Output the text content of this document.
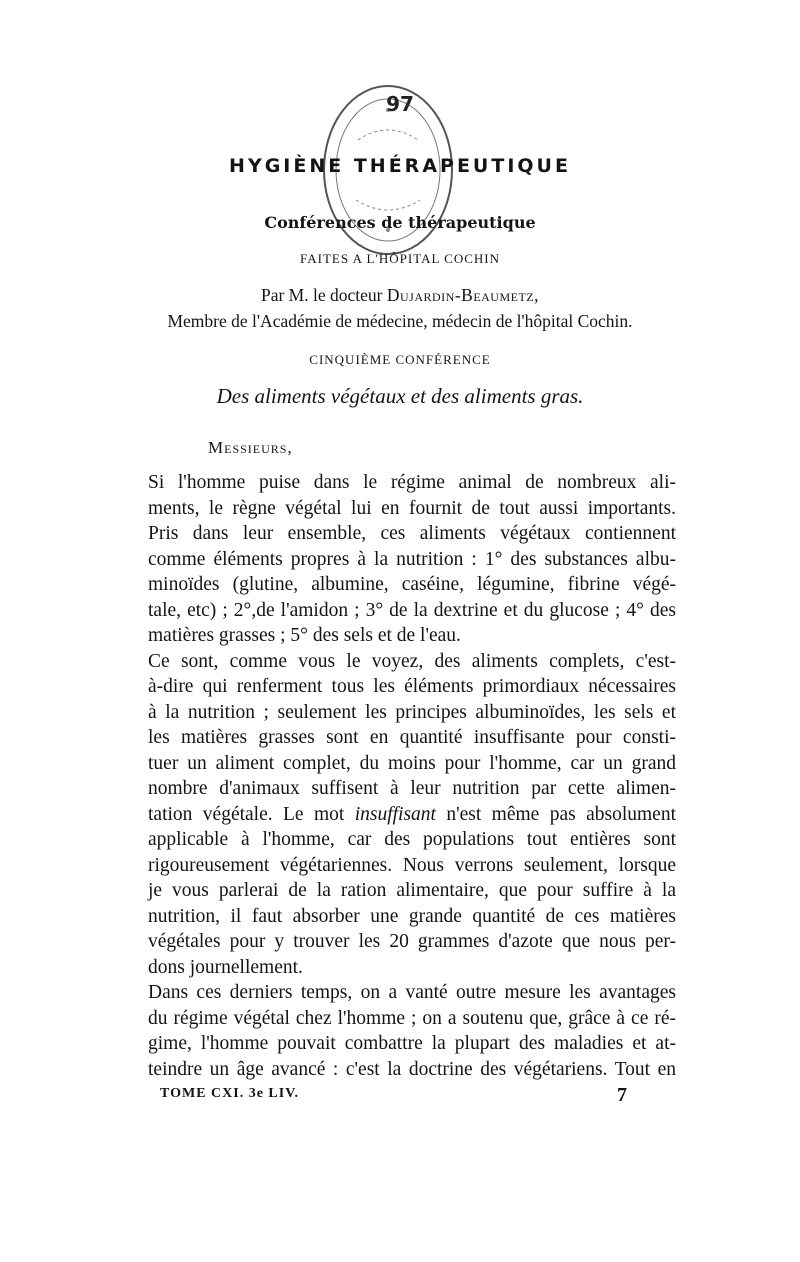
97
HYGIÈNE THÉRAPEUTIQUE
Conférences de thérapeutique
FAITES A L'HÔPITAL COCHIN
Par M. le docteur Dujardin-Beaumetz,
Membre de l'Académie de médecine, médecin de l'hôpital Cochin.
CINQUIÈME CONFÉRENCE
Des aliments végétaux et des aliments gras.
Messieurs,
Si l'homme puise dans le régime animal de nombreux ali-
ments, le règne végétal lui en fournit de tout aussi importants.
Pris dans leur ensemble, ces aliments végétaux contiennent
comme éléments propres à la nutrition : 1° des substances albu-
minoïdes (glutine, albumine, caséine, légumine, fibrine végé-
tale, etc) ; 2°,de l'amidon ; 3° de la dextrine et du glucose ; 4° des
matières grasses ; 5° des sels et de l'eau.
Ce sont, comme vous le voyez, des aliments complets, c'est-
à-dire qui renferment tous les éléments primordiaux nécessaires
à la nutrition ; seulement les principes albuminoïdes, les sels et
les matières grasses sont en quantité insuffisante pour consti-
tuer un aliment complet, du moins pour l'homme, car un grand
nombre d'animaux suffisent à leur nutrition par cette alimen-
tation végétale. Le mot insuffisant n'est même pas absolument
applicable à l'homme, car des populations tout entières sont
rigoureusement végétariennes. Nous verrons seulement, lorsque
je vous parlerai de la ration alimentaire, que pour suffire à la
nutrition, il faut absorber une grande quantité de ces matières
végétales pour y trouver les 20 grammes d'azote que nous per-
dons journellement.
Dans ces derniers temps, on a vanté outre mesure les avantages
du régime végétal chez l'homme ; on a soutenu que, grâce à ce ré-
gime, l'homme pouvait combattre la plupart des maladies et at-
teindre un âge avancé : c'est la doctrine des végétariens. Tout en
TOME CXI. 3e LIV.	7
